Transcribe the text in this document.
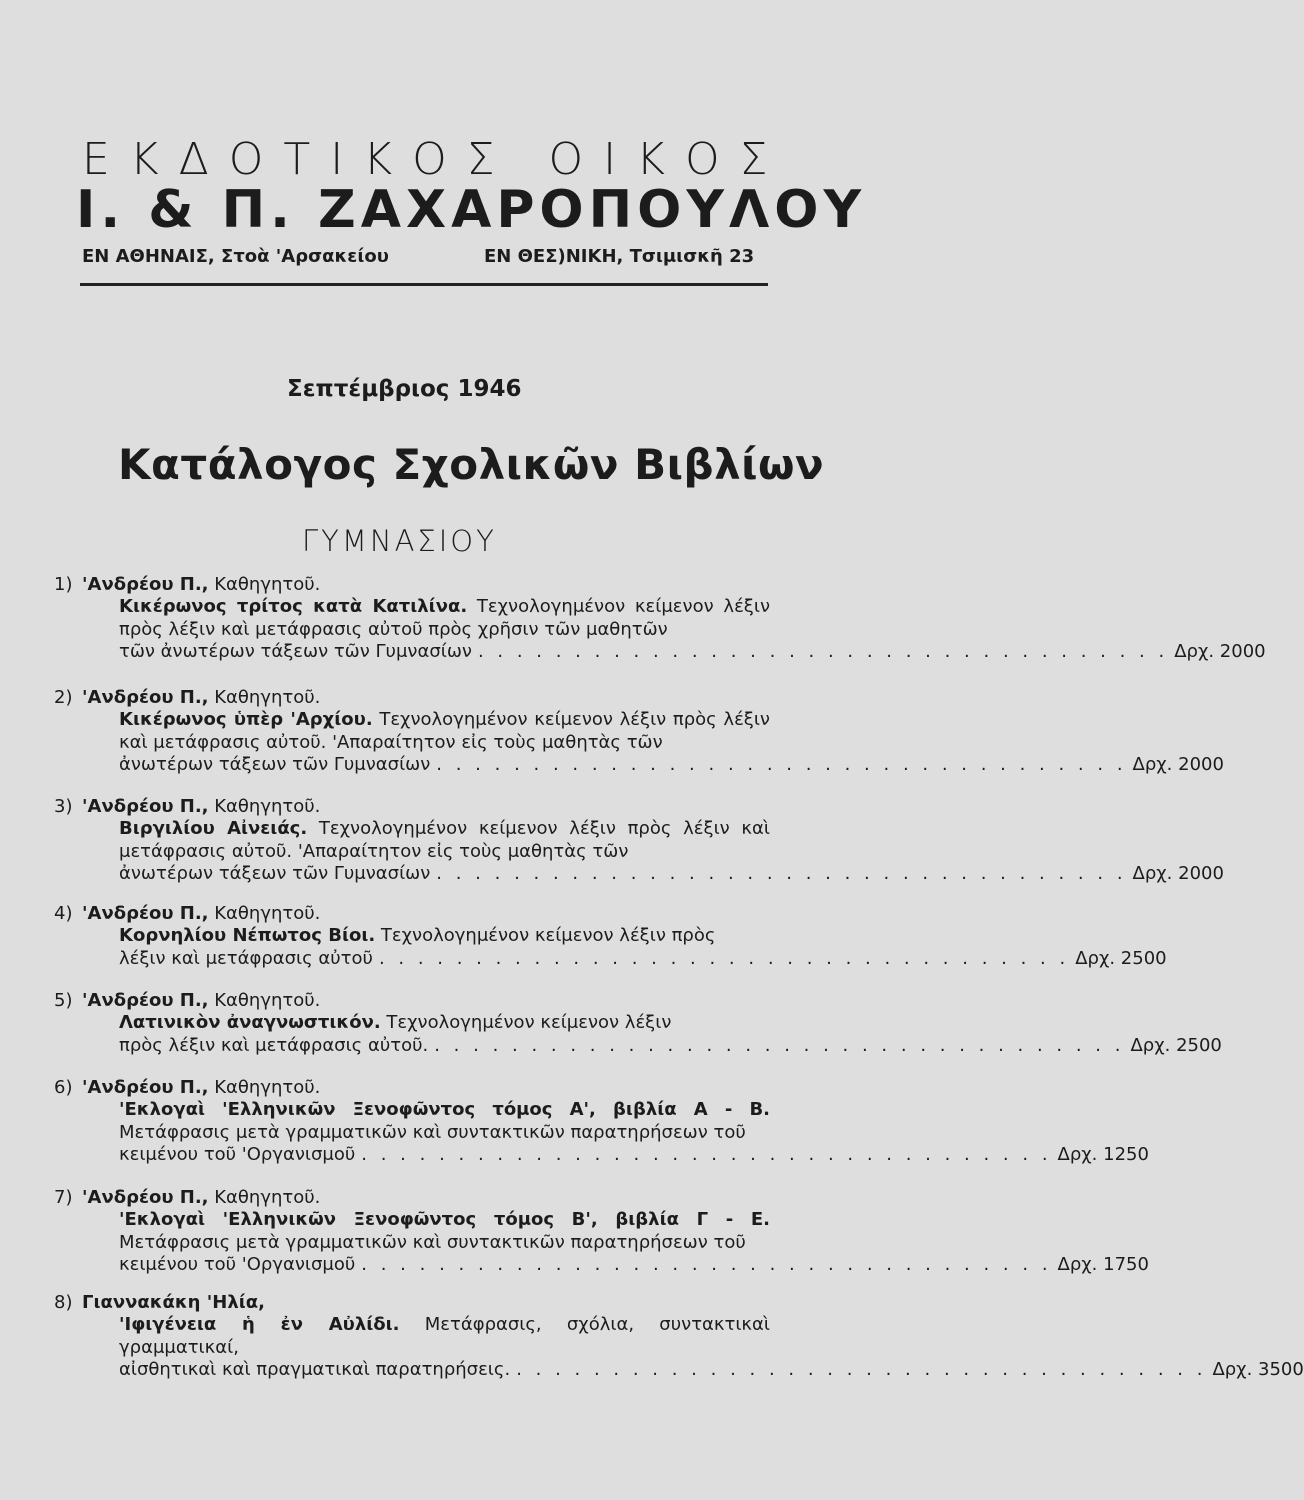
ΕΚΔΟΤΙΚΟΣ ΟΙΚΟΣ
Ι. & Π. ΖΑΧΑΡΟΠΟΥΛΟΥ
ΕΝ ΑΘΗΝΑΙΣ, Στοὰ 'Αρσακείου	ΕΝ ΘΕΣ)ΝΙΚΗ, Τσιμισκῆ 23
Σεπτέμβριος 1946
Κατάλογος Σχολικῶν Βιβλίων
ΓΥΜΝΑΣΙΟΥ
1) 'Ανδρέου Π., Καθηγητοῦ.
Κικέρωνος τρίτος κατὰ Κατιλίνα. Τεχνολογημένον κείμενον λέξιν πρὸς λέξιν καὶ μετάφρασις αὐτοῦ πρὸς χρῆσιν τῶν μαθητῶν
τῶν ἀνωτέρων τάξεων τῶν Γυμνασίων . . . . . . . . . . . . . . . . . . . . . . . . . . . . . . . . . . . . Δρχ. 2000
2) 'Ανδρέου Π., Καθηγητοῦ.
Κικέρωνος ὑπὲρ 'Αρχίου. Τεχνολογημένον κείμενον λέξιν πρὸς λέξιν καὶ μετάφρασις αὐτοῦ. 'Απαραίτητον εἰς τοὺς μαθητὰς τῶν
ἀνωτέρων τάξεων τῶν Γυμνασίων . . . . . . . . . . . . . . . . . . . . . . . . . . . . . . . . . . . . Δρχ. 2000
3) 'Ανδρέου Π., Καθηγητοῦ.
Βιργιλίου Αἰνειάς. Τεχνολογημένον κείμενον λέξιν πρὸς λέξιν καὶ μετάφρασις αὐτοῦ. 'Απαραίτητον εἰς τοὺς μαθητὰς τῶν
ἀνωτέρων τάξεων τῶν Γυμνασίων . . . . . . . . . . . . . . . . . . . . . . . . . . . . . . . . . . . . Δρχ. 2000
4) 'Ανδρέου Π., Καθηγητοῦ.
Κορνηλίου Νέπωτος Βίοι. Τεχνολογημένον κείμενον λέξιν πρὸς
λέξιν καὶ μετάφρασις αὐτοῦ . . . . . . . . . . . . . . . . . . . . . . . . . . . . . . . . . . . . Δρχ. 2500
5) 'Ανδρέου Π., Καθηγητοῦ.
Λατινικὸν ἀναγνωστικόν. Τεχνολογημένον κείμενον λέξιν
πρὸς λέξιν καὶ μετάφρασις αὐτοῦ. . . . . . . . . . . . . . . . . . . . . . . . . . . . . . . . . . . . . Δρχ. 2500
6) 'Ανδρέου Π., Καθηγητοῦ.
'Εκλογαὶ 'Ελληνικῶν Ξενοφῶντος τόμος Α', βιβλία Α - Β. Μετάφρασις μετὰ γραμματικῶν καὶ συντακτικῶν παρατηρήσεων τοῦ
κειμένου τοῦ 'Οργανισμοῦ . . . . . . . . . . . . . . . . . . . . . . . . . . . . . . . . . . . . Δρχ. 1250
7) 'Ανδρέου Π., Καθηγητοῦ.
'Εκλογαὶ 'Ελληνικῶν Ξενοφῶντος τόμος Β', βιβλία Γ - Ε. Μετάφρασις μετὰ γραμματικῶν καὶ συντακτικῶν παρατηρήσεων τοῦ
κειμένου τοῦ 'Οργανισμοῦ . . . . . . . . . . . . . . . . . . . . . . . . . . . . . . . . . . . . Δρχ. 1750
8) Γιαννακάκη 'Ηλία,
'Ιφιγένεια ἡ ἐν Αὐλίδι. Μετάφρασις, σχόλια, συντακτικαὶ γραμματικαί,
αἰσθητικαὶ καὶ πραγματικαὶ παρατηρήσεις. . . . . . . . . . . . . . . . . . . . . . . . . . . . . . . . . . . . . Δρχ. 3500
